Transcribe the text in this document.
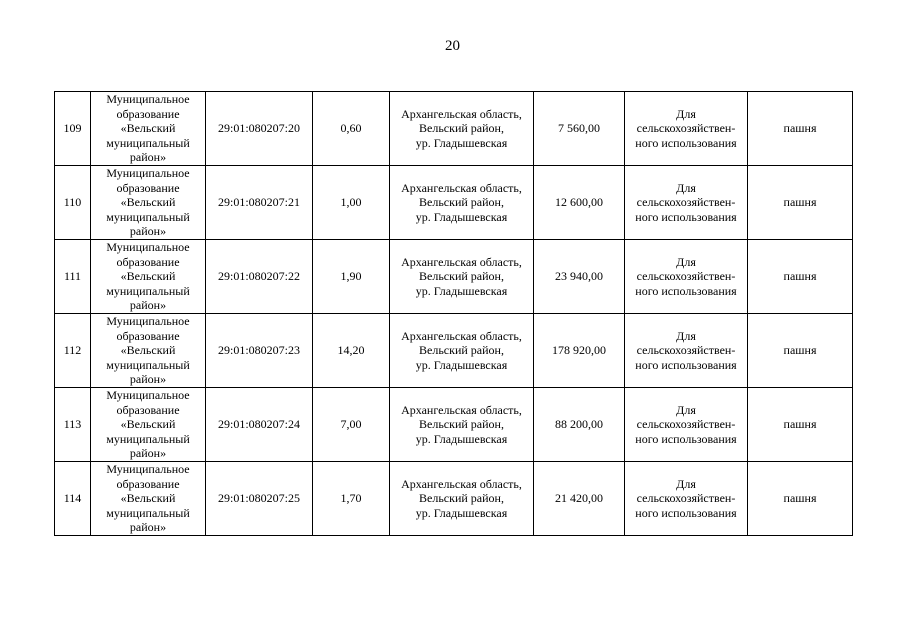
20
109	Муниципальное
образование
«Вельский
муниципальный
район»	29:01:080207:20	0,60	Архангельская область,
Вельский район,
ур. Гладышевская	7 560,00	Для
сельскохозяйствен-
ного использования	пашня
110	Муниципальное
образование
«Вельский
муниципальный
район»	29:01:080207:21	1,00	Архангельская область,
Вельский район,
ур. Гладышевская	12 600,00	Для
сельскохозяйствен-
ного использования	пашня
111	Муниципальное
образование
«Вельский
муниципальный
район»	29:01:080207:22	1,90	Архангельская область,
Вельский район,
ур. Гладышевская	23 940,00	Для
сельскохозяйствен-
ного использования	пашня
112	Муниципальное
образование
«Вельский
муниципальный
район»	29:01:080207:23	14,20	Архангельская область,
Вельский район,
ур. Гладышевская	178 920,00	Для
сельскохозяйствен-
ного использования	пашня
113	Муниципальное
образование
«Вельский
муниципальный
район»	29:01:080207:24	7,00	Архангельская область,
Вельский район,
ур. Гладышевская	88 200,00	Для
сельскохозяйствен-
ного использования	пашня
114	Муниципальное
образование
«Вельский
муниципальный
район»	29:01:080207:25	1,70	Архангельская область,
Вельский район,
ур. Гладышевская	21 420,00	Для
сельскохозяйствен-
ного использования	пашня
